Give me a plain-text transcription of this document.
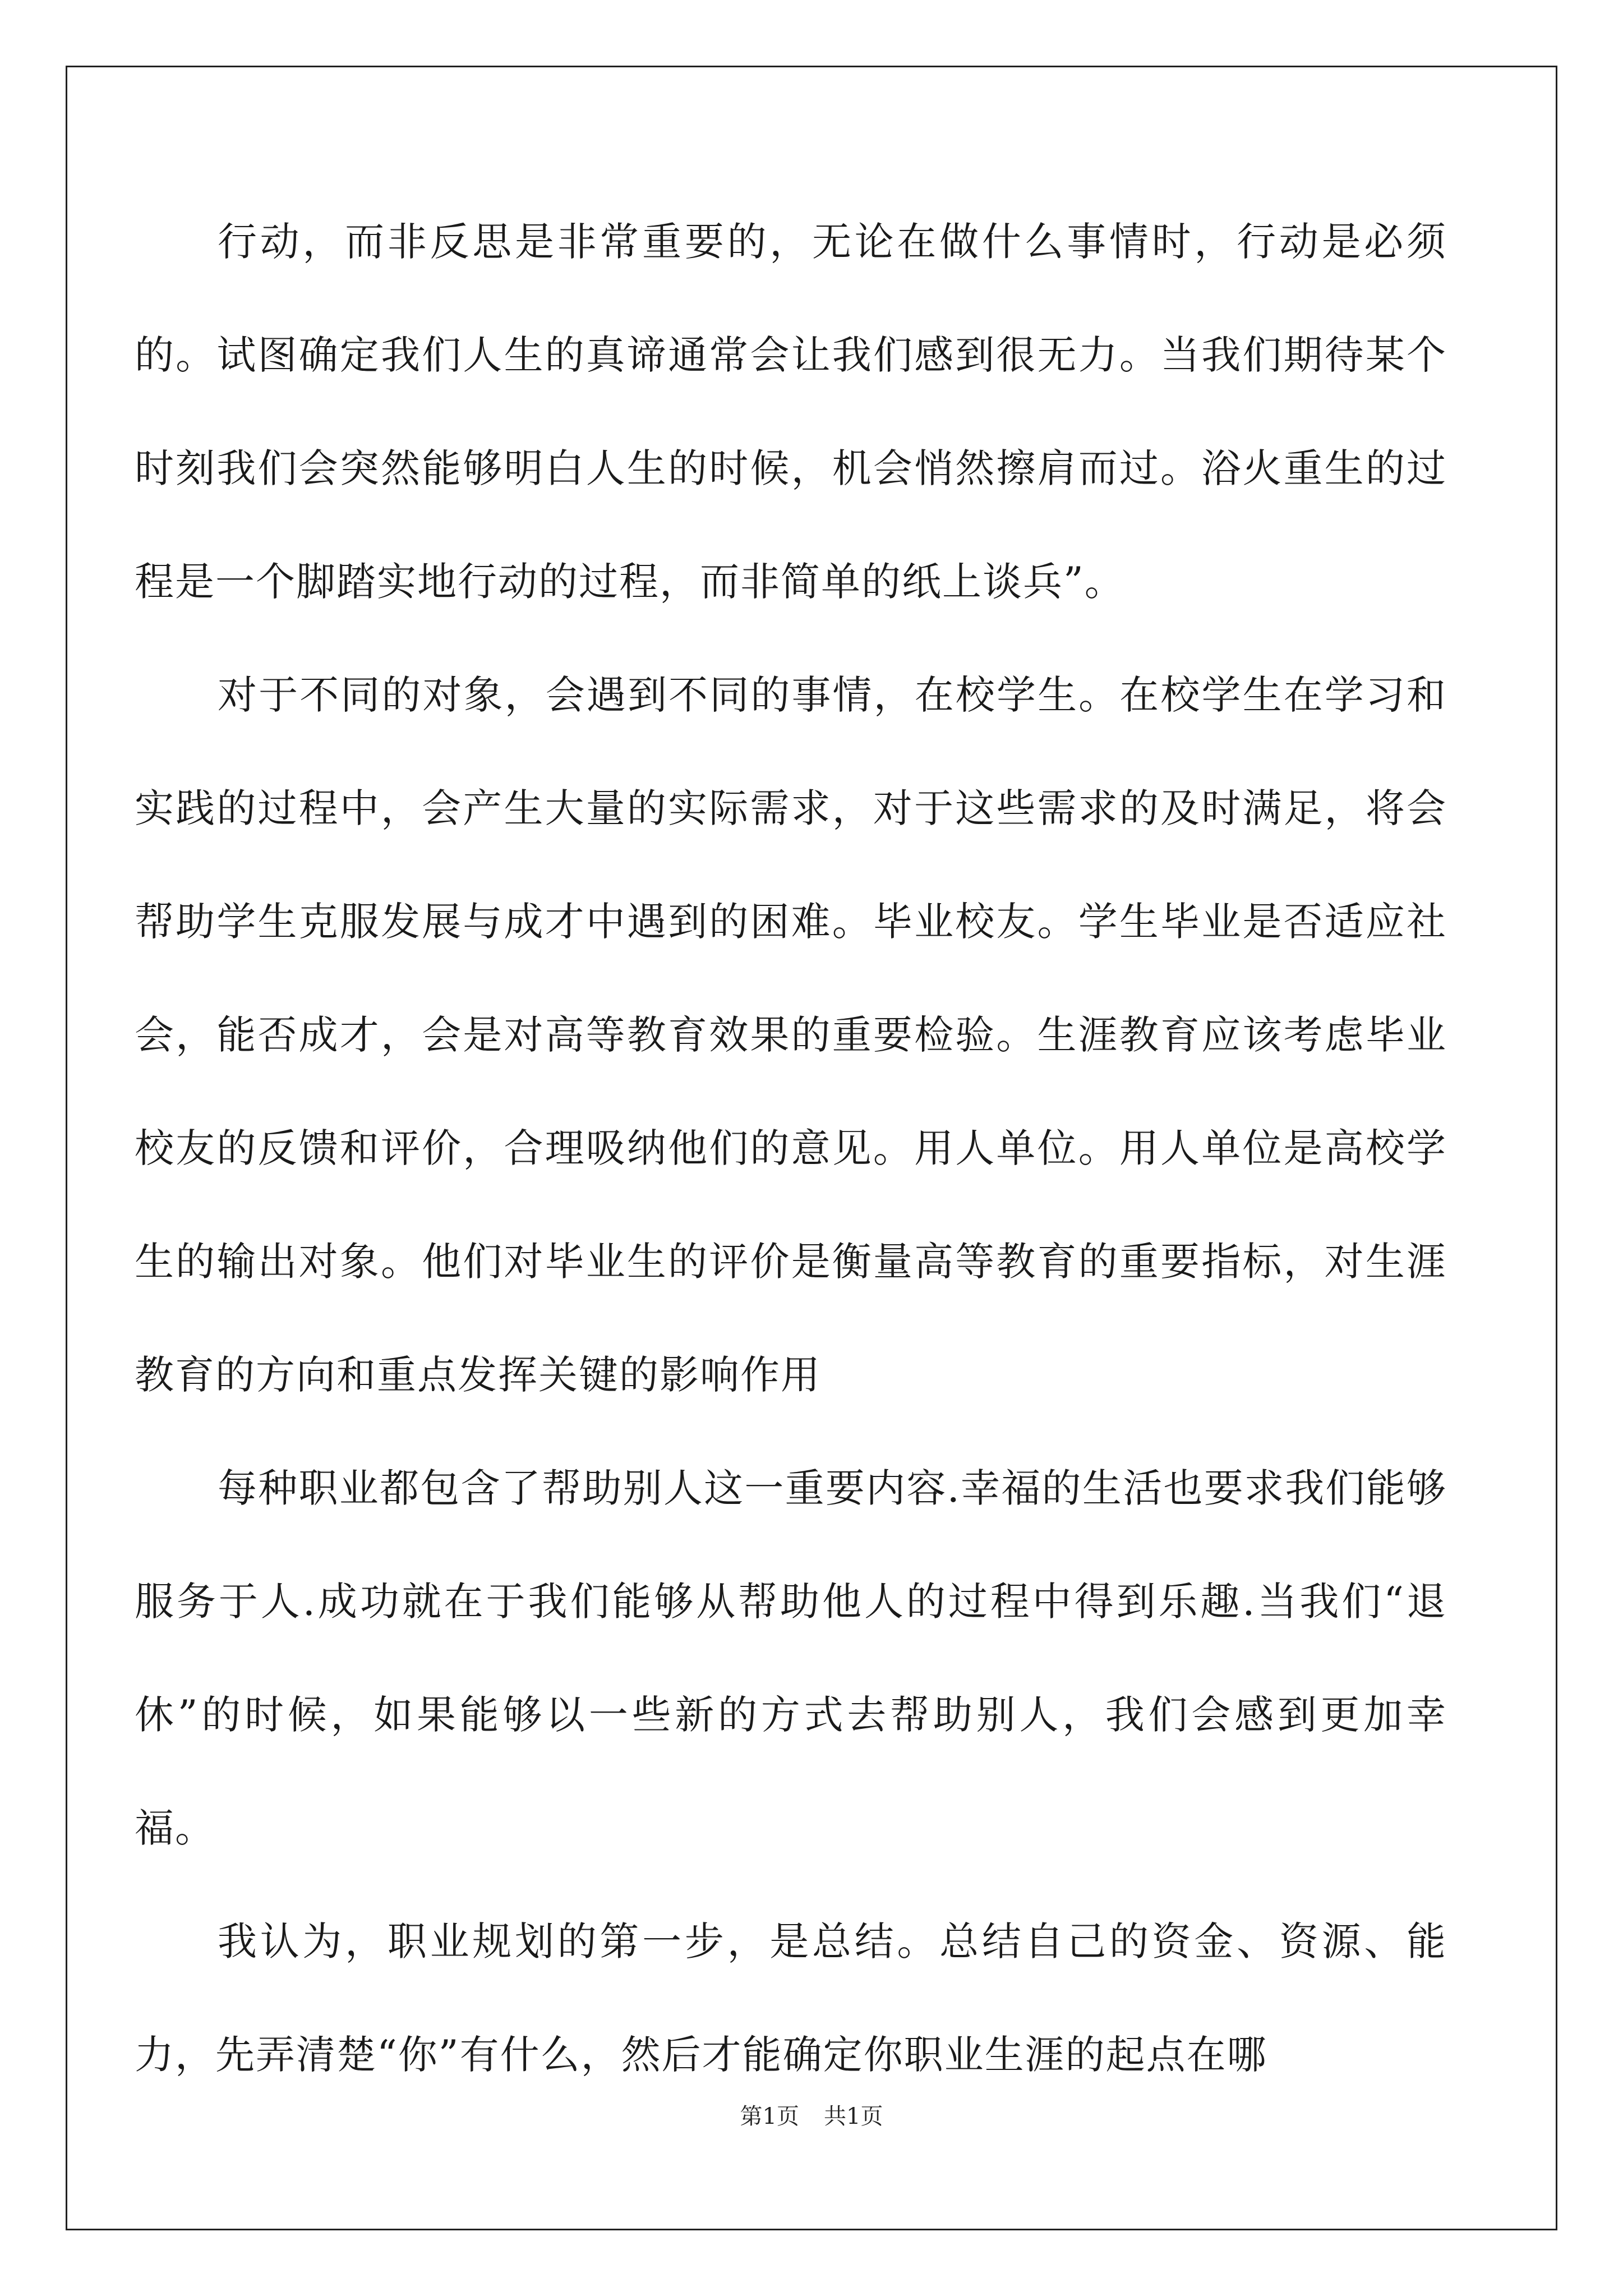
行动，而非反思是非常重要的，无论在做什么事情时，行动是必须的。试图确定我们人生的真谛通常会让我们感到很无力。当我们期待某个时刻我们会突然能够明白人生的时候，机会悄然擦肩而过。浴火重生的过程是一个脚踏实地行动的过程，而非简单的纸上谈兵”。

对于不同的对象，会遇到不同的事情，在校学生。在校学生在学习和实践的过程中，会产生大量的实际需求，对于这些需求的及时满足，将会帮助学生克服发展与成才中遇到的困难。毕业校友。学生毕业是否适应社会，能否成才，会是对高等教育效果的重要检验。生涯教育应该考虑毕业校友的反馈和评价，合理吸纳他们的意见。用人单位。用人单位是高校学生的输出对象。他们对毕业生的评价是衡量高等教育的重要指标，对生涯教育的方向和重点发挥关键的影响作用

每种职业都包含了帮助别人这一重要内容.幸福的生活也要求我们能够服务于人.成功就在于我们能够从帮助他人的过程中得到乐趣.当我们“退休”的时候，如果能够以一些新的方式去帮助别人，我们会感到更加幸福。

我认为，职业规划的第一步，是总结。总结自己的资金、资源、能力，先弄清楚“你”有什么，然后才能确定你职业生涯的起点在哪

第1页 共1页
